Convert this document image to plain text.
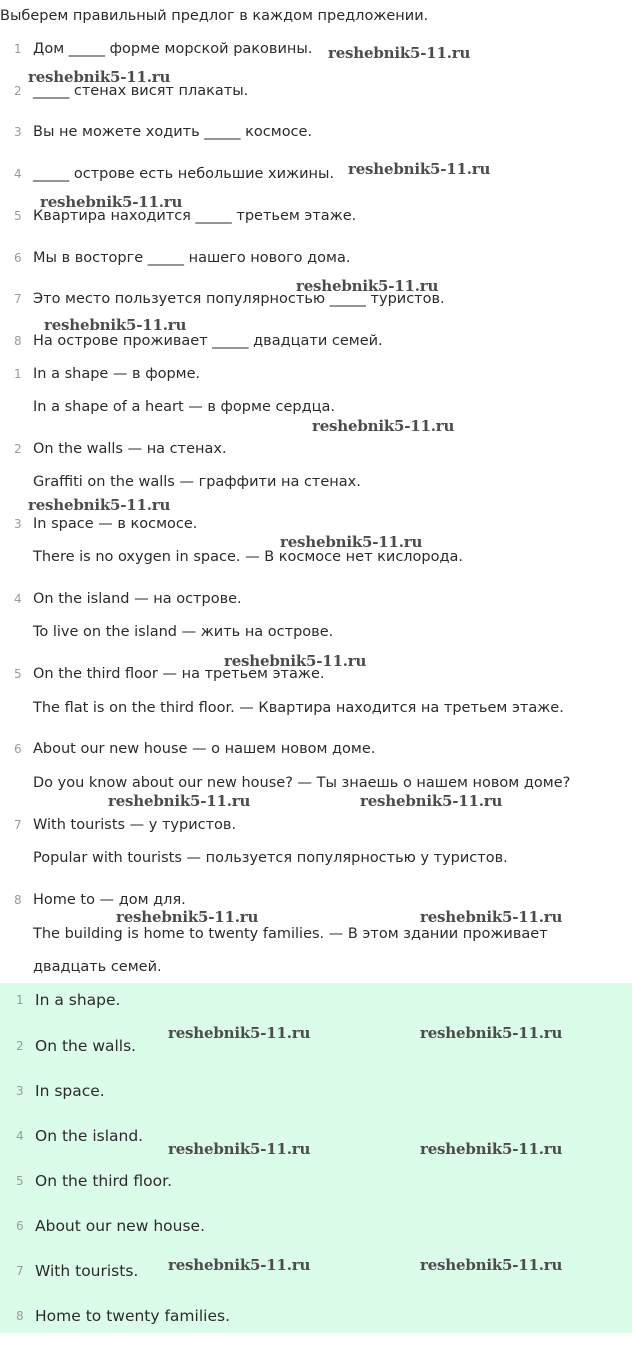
Выберем правильный предлог в каждом предложении.
1 Дом _____ форме морской раковины.
2 _____ стенах висят плакаты.
3 Вы не можете ходить _____ космосе.
4 _____ острове есть небольшие хижины.
5 Квартира находится _____ третьем этаже.
6 Мы в восторге _____ нашего нового дома.
7 Это место пользуется популярностью _____ туристов.
8 На острове проживает _____ двадцати семей.
1 In a shape — в форме.
In a shape of a heart — в форме сердца.
2 On the walls — на стенах.
Graffiti on the walls — граффити на стенах.
3 In space — в космосе.
There is no oxygen in space. — В космосе нет кислорода.
4 On the island — на острове.
To live on the island — жить на острове.
5 On the third floor — на третьем этаже.
The flat is on the third floor. — Квартира находится на третьем этаже.
6 About our new house — о нашем новом доме.
Do you know about our new house? — Ты знаешь о нашем новом доме?
7 With tourists — у туристов.
Popular with tourists — пользуется популярностью у туристов.
8 Home to — дом для.
The building is home to twenty families. — В этом здании проживает
двадцать семей.
1 In a shape.
2 On the walls.
3 In space.
4 On the island.
5 On the third floor.
6 About our new house.
7 With tourists.
8 Home to twenty families.
reshebnik5-11.ru
reshebnik5-11.ru
reshebnik5-11.ru
reshebnik5-11.ru
reshebnik5-11.ru
reshebnik5-11.ru
reshebnik5-11.ru
reshebnik5-11.ru
reshebnik5-11.ru
reshebnik5-11.ru
reshebnik5-11.ru	reshebnik5-11.ru
reshebnik5-11.ru	reshebnik5-11.ru
reshebnik5-11.ru	reshebnik5-11.ru
reshebnik5-11.ru	reshebnik5-11.ru
reshebnik5-11.ru	reshebnik5-11.ru
